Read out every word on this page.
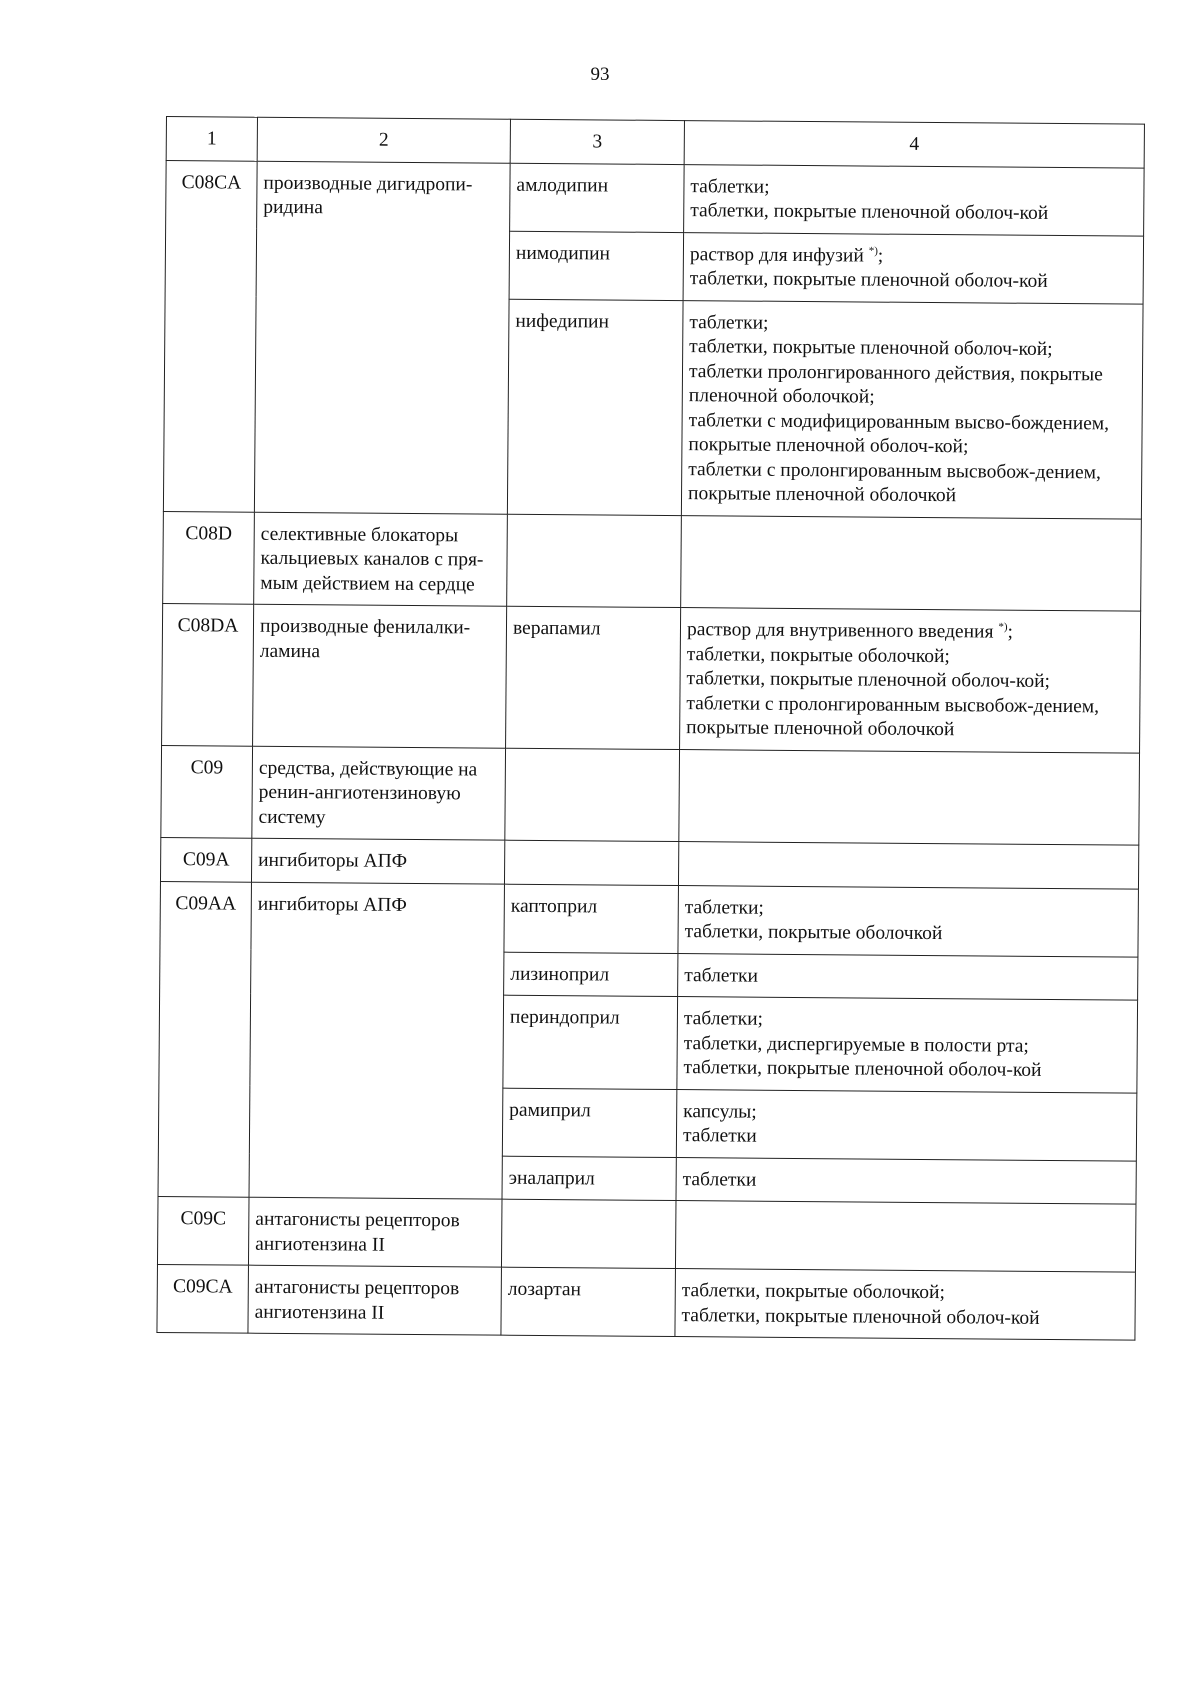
93
1	2	3	4
C08CA	производные дигидропи-ридина	амлодипин	таблетки;
таблетки, покрытые пленочной оболоч-кой

		нимодипин	раствор для инфузий *);
таблетки, покрытые пленочной оболоч-кой

		нифедипин	таблетки;
таблетки, покрытые пленочной оболоч-кой;
таблетки пролонгированного действия, покрытые пленочной оболочкой;
таблетки с модифицированным высво-бождением, покрытые пленочной оболоч-кой;
таблетки с пролонгированным высвобож-дением, покрытые пленочной оболочкой

C08D	селективные блокаторы кальциевых каналов с пря-мым действием на сердце		
C08DA	производные фенилалки-ламина	верапамил	раствор для внутривенного введения *);
таблетки, покрытые оболочкой;
таблетки, покрытые пленочной оболоч-кой;
таблетки с пролонгированным высвобож-дением, покрытые пленочной оболочкой

C09	средства, действующие на ренин-ангиотензиновую систему		
C09A	ингибиторы АПФ		
C09AA	ингибиторы АПФ	каптоприл	таблетки;
таблетки, покрытые оболочкой

		лизиноприл	таблетки

		периндоприл	таблетки;
таблетки, диспергируемые в полости рта;
таблетки, покрытые пленочной оболоч-кой

		рамиприл	капсулы;
таблетки

		эналаприл	таблетки

C09C	антагонисты рецепторов ангиотензина II		
C09CA	антагонисты рецепторов ангиотензина II	лозартан	таблетки, покрытые оболочкой;
таблетки, покрытые пленочной оболоч-кой
